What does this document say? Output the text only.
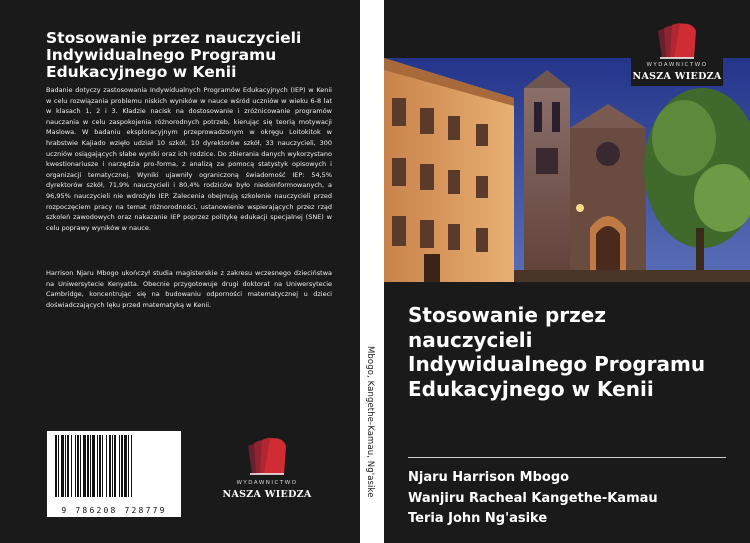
Stosowanie przez nauczycieli
Indywidualnego Programu
Edukacyjnego w Kenii

Badanie dotyczy zastosowania Indywidualnych Programów Edukacyjnych (IEP) w Kenii w celu rozwiązania problemu niskich wyników w nauce wśród uczniów w wieku 6-8 lat w klasach 1, 2 i 3. Kładzie nacisk na dostosowanie i zróżnicowanie programów nauczania w celu zaspokojenia różnorodnych potrzeb, kierując się teorią motywacji Maslowa. W badaniu eksploracyjnym przeprowadzonym w okręgu Loitokitok w hrabstwie Kajiado wzięło udział 10 szkół, 10 dyrektorów szkół, 33 nauczycieli, 300 uczniów osiągających słabe wyniki oraz ich rodzice. Do zbierania danych wykorzystano kwestionariusze i narzędzia pro-forma, z analizą za pomocą statystyk opisowych i organizacji tematycznej. Wyniki ujawniły ograniczoną świadomość IEP: 54,5% dyrektorów szkół, 71,9% nauczycieli i 80,4% rodziców było niedoinformowanych, a 96,95% nauczycieli nie wdrożyło IEP. Zalecenia obejmują szkolenie nauczycieli przed rozpoczęciem pracy na temat różnorodności, ustanowienie wspierających przez rząd szkoleń zawodowych oraz nakazanie IEP poprzez politykę edukacji specjalnej (SNE) w celu poprawy wyników w nauce.

Harrison Njaru Mbogo ukończył studia magisterskie z zakresu wczesnego dzieciństwa na Uniwersytecie Kenyatta. Obecnie przygotowuje drugi doktorat na Uniwersytecie Cambridge, koncentrując się na budowaniu odporności matematycznej u dzieci doświadczających lęku przed matematyką w Kenii.

9 786208 728779
WYDAWNICTWO
NASZA WIEDZA	Mbogo, Kangethe-Kamau, Ng'asike
WYDAWNICTWO
NASZA WIEDZA
Stosowanie przez
nauczycieli
Indywidualnego Programu
Edukacyjnego w Kenii
Njaru Harrison Mbogo
Wanjiru Racheal Kangethe-Kamau
Teria John Ng'asike
